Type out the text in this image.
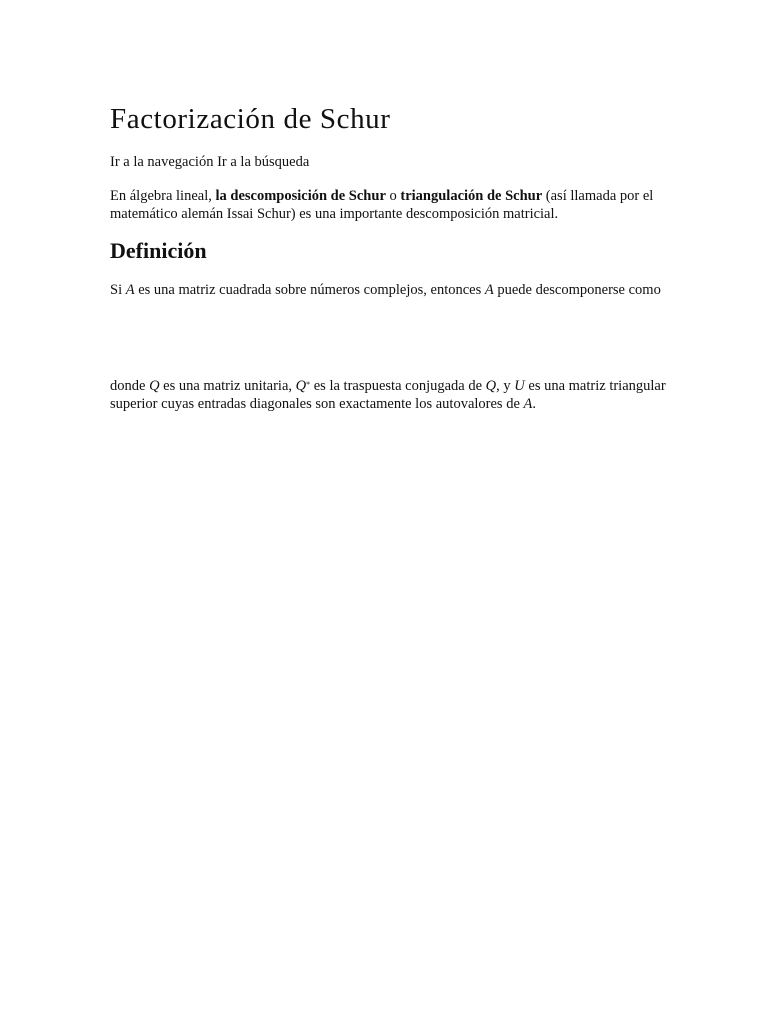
Factorización de Schur

Ir a la navegación Ir a la búsqueda

En álgebra lineal, la descomposición de Schur o triangulación de Schur (así llamada por el matemático alemán Issai Schur) es una importante descomposición matricial.

Definición

Si A es una matriz cuadrada sobre números complejos, entonces A puede descomponerse como

donde Q es una matriz unitaria, Q* es la traspuesta conjugada de Q, y U es una matriz triangular superior cuyas entradas diagonales son exactamente los autovalores de A.
